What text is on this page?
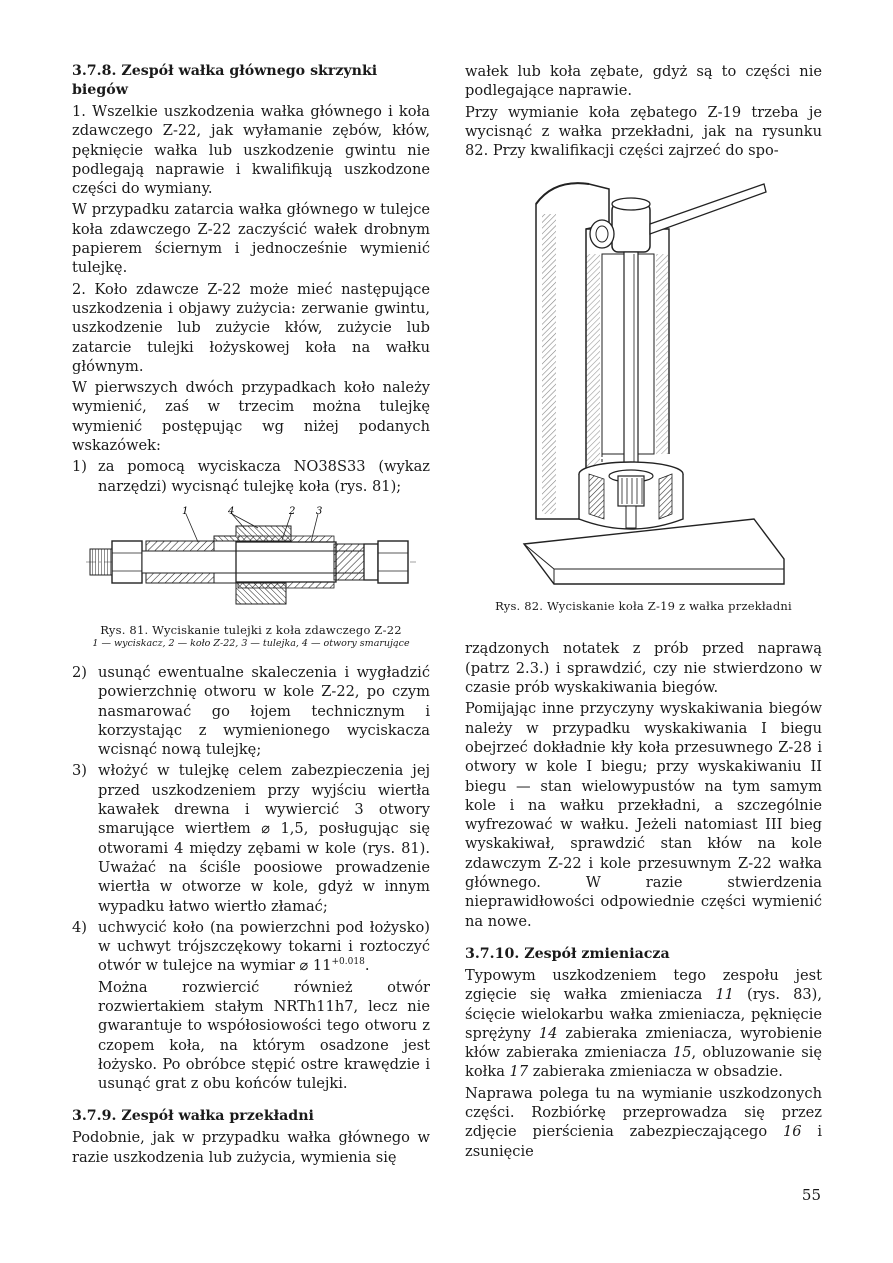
3.7.8. Zespół wałka głównego skrzynki biegów

1. Wszelkie uszkodzenia wałka głównego i koła zdawczego Z-22, jak wyłamanie zębów, kłów, pęknięcie wałka lub uszkodzenie gwintu nie podlegają naprawie i kwalifikują uszkodzone części do wymiany.

W przypadku zatarcia wałka głównego w tulejce koła zdawczego Z-22 zaczyścić wałek drobnym papierem ściernym i jednocześnie wymienić tulejkę.

2. Koło zdawcze Z-22 może mieć następujące uszkodzenia i objawy zużycia: zerwanie gwintu, uszkodzenie lub zużycie kłów, zużycie lub zatarcie tulejki łożyskowej koła na wałku głównym.

W pierwszych dwóch przypadkach koło należy wymienić, zaś w trzecim można tulejkę wymienić postępując wg niżej podanych wskazówek:

1) za pomocą wyciskacza NO38S33 (wykaz narzędzi) wycisnąć tulejkę koła (rys. 81);
1	4	2 3
Rys. 81. Wyciskanie tulejki z koła zdawczego Z-22
1 — wyciskacz, 2 — koło Z-22, 3 — tulejka, 4 — otwory smarujące
2) usunąć ewentualne skaleczenia i wygładzić powierzchnię otworu w kole Z-22, po czym nasmarować go łojem technicznym i korzystając z wymienionego wyciskacza wcisnąć nową tulejkę;
3) włożyć w tulejkę celem zabezpieczenia jej przed uszkodzeniem przy wyjściu wiertła kawałek drewna i wywiercić 3 otwory smarujące wiertłem ⌀ 1,5, posługując się otworami 4 między zębami w kole (rys. 81). Uważać na ściśle poosiowe prowadzenie wiertła w otworze w kole, gdyż w innym wypadku łatwo wiertło złamać;
4) uchwycić koło (na powierzchni pod łożysko) w uchwyt trójszczękowy tokarni i roztoczyć otwór w tulejce na wymiar ⌀ $11^{+0.018}$.

Można rozwiercić również otwór rozwiertakiem stałym NRTh11h7, lecz nie gwarantuje to współosiowości tego otworu z czopem koła, na którym osadzone jest łożysko. Po obróbce stępić ostre krawędzie i usunąć grat z obu końców tulejki.

3.7.9. Zespół wałka przekładni

Podobnie, jak w przypadku wałka głównego w razie uszkodzenia lub zużycia, wymienia się

wałek lub koła zębate, gdyż są to części nie podlegające naprawie.

Przy wymianie koła zębatego Z-19 trzeba je wycisnąć z wałka przekładni, jak na rysunku 82. Przy kwalifikacji części zajrzeć do spo-

Rys. 82. Wyciskanie koła Z-19 z wałka przekładni

rządzonych notatek z prób przed naprawą (patrz 2.3.) i sprawdzić, czy nie stwierdzono w czasie prób wyskakiwania biegów.

Pomijając inne przyczyny wyskakiwania biegów należy w przypadku wyskakiwania I biegu obejrzeć dokładnie kły koła przesuwnego Z-28 i otwory w kole I biegu; przy wyskakiwaniu II biegu — stan wielowypustów na tym samym kole i na wałku przekładni, a szczególnie wyfrezować w wałku. Jeżeli natomiast III bieg wyskakiwał, sprawdzić stan kłów na kole zdawczym Z-22 i kole przesuwnym Z-22 wałka głównego. W razie stwierdzenia nieprawidłowości odpowiednie części wymienić na nowe.

3.7.10. Zespół zmieniacza

Typowym uszkodzeniem tego zespołu jest zgięcie się wałka zmieniacza 11 (rys. 83), ścięcie wielokarbu wałka zmieniacza, pęknięcie sprężyny 14 zabieraka zmieniacza, wyrobienie kłów zabieraka zmieniacza 15, obluzowanie się kołka 17 zabieraka zmieniacza w obsadzie.

Naprawa polega tu na wymianie uszkodzonych części. Rozbiórkę przeprowadza się przez zdjęcie pierścienia zabezpieczającego 16 i zsunięcie

55
